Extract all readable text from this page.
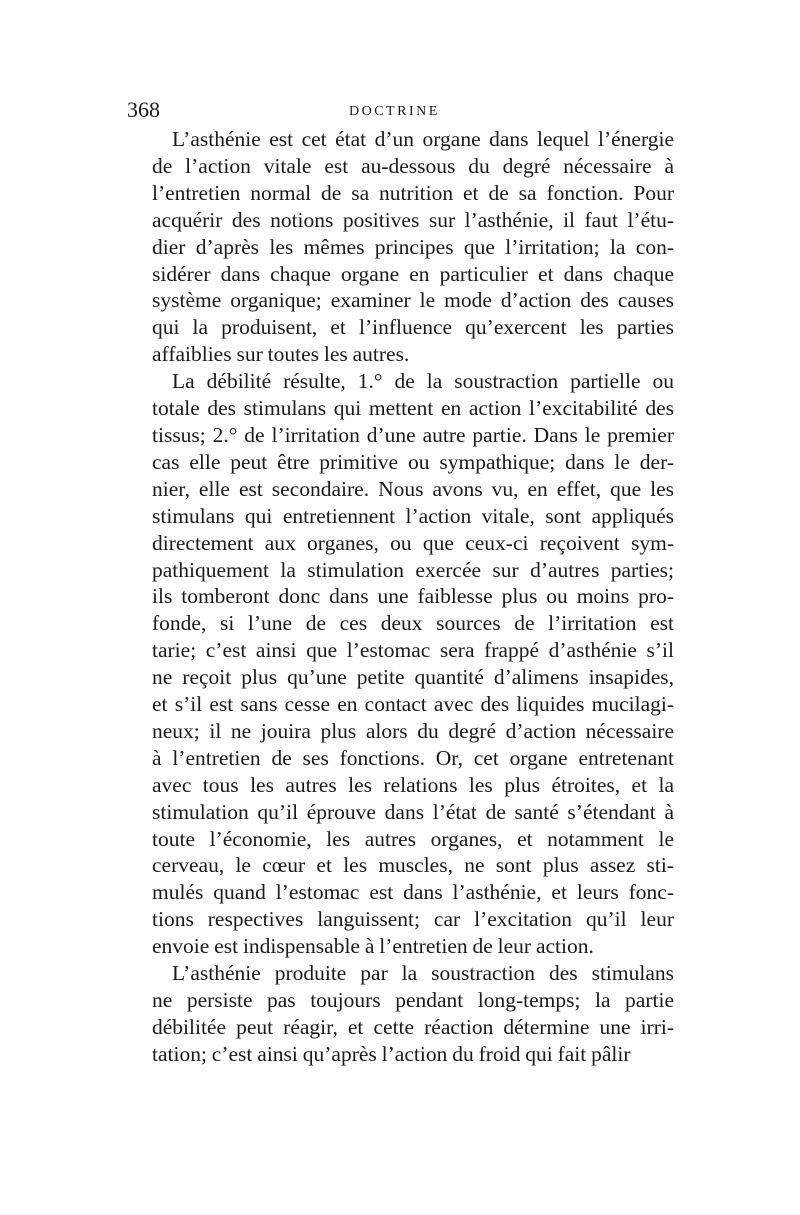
368	DOCTRINE

L’asthénie est cet état d’un organe dans lequel l’énergie
de l’action vitale est au-dessous du degré nécessaire à
l’entretien normal de sa nutrition et de sa fonction. Pour
acquérir des notions positives sur l’asthénie, il faut l’étu-
dier d’après les mêmes principes que l’irritation; la con-
sidérer dans chaque organe en particulier et dans chaque
système organique; examiner le mode d’action des causes
qui la produisent, et l’influence qu’exercent les parties
affaiblies sur toutes les autres.

La débilité résulte, 1.° de la soustraction partielle ou
totale des stimulans qui mettent en action l’excitabilité des
tissus; 2.° de l’irritation d’une autre partie. Dans le premier
cas elle peut être primitive ou sympathique; dans le der-
nier, elle est secondaire. Nous avons vu, en effet, que les
stimulans qui entretiennent l’action vitale, sont appliqués
directement aux organes, ou que ceux-ci reçoivent sym-
pathiquement la stimulation exercée sur d’autres parties;
ils tomberont donc dans une faiblesse plus ou moins pro-
fonde, si l’une de ces deux sources de l’irritation est
tarie; c’est ainsi que l’estomac sera frappé d’asthénie s’il
ne reçoit plus qu’une petite quantité d’alimens insapides,
et s’il est sans cesse en contact avec des liquides mucilagi-
neux; il ne jouira plus alors du degré d’action nécessaire
à l’entretien de ses fonctions. Or, cet organe entretenant
avec tous les autres les relations les plus étroites, et la
stimulation qu’il éprouve dans l’état de santé s’étendant à
toute l’économie, les autres organes, et notamment le
cerveau, le cœur et les muscles, ne sont plus assez sti-
mulés quand l’estomac est dans l’asthénie, et leurs fonc-
tions respectives languissent; car l’excitation qu’il leur
envoie est indispensable à l’entretien de leur action.

L’asthénie produite par la soustraction des stimulans
ne persiste pas toujours pendant long-temps; la partie
débilitée peut réagir, et cette réaction détermine une irri-
tation; c’est ainsi qu’après l’action du froid qui fait pâlir
